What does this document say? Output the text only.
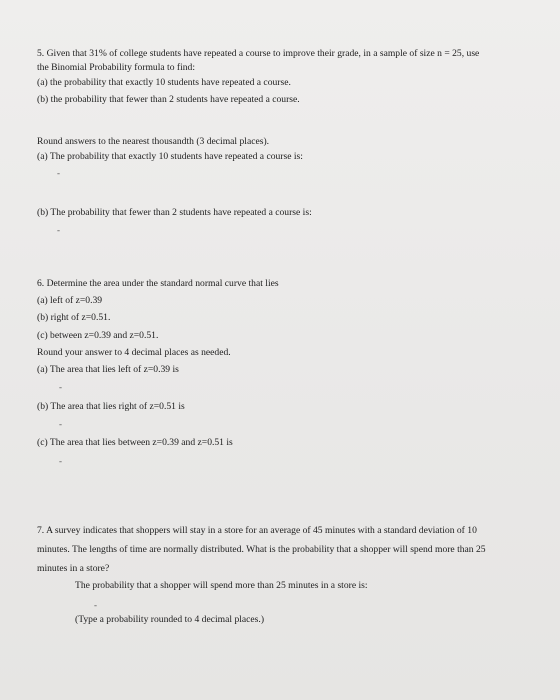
5. Given that 31% of college students have repeated a course to improve their grade, in a sample of size n = 25, use
the Binomial Probability formula to find:
(a) the probability that exactly 10 students have repeated a course.
(b) the probability that fewer than 2 students have repeated a course.
Round answers to the nearest thousandth (3 decimal places).
(a) The probability that exactly 10 students have repeated a course is:
-
(b) The probability that fewer than 2 students have repeated a course is:
-
6. Determine the area under the standard normal curve that lies
(a) left of z=0.39
(b) right of z=0.51.
(c) between z=0.39 and z=0.51.
Round your answer to 4 decimal places as needed.
(a) The area that lies left of z=0.39 is
-
(b) The area that lies right of z=0.51 is
-
(c) The area that lies between z=0.39 and z=0.51 is
-
7. A survey indicates that shoppers will stay in a store for an average of 45 minutes with a standard deviation of 10
minutes. The lengths of time are normally distributed. What is the probability that a shopper will spend more than 25
minutes in a store?
The probability that a shopper will spend more than 25 minutes in a store is:
-
(Type a probability rounded to 4 decimal places.)
